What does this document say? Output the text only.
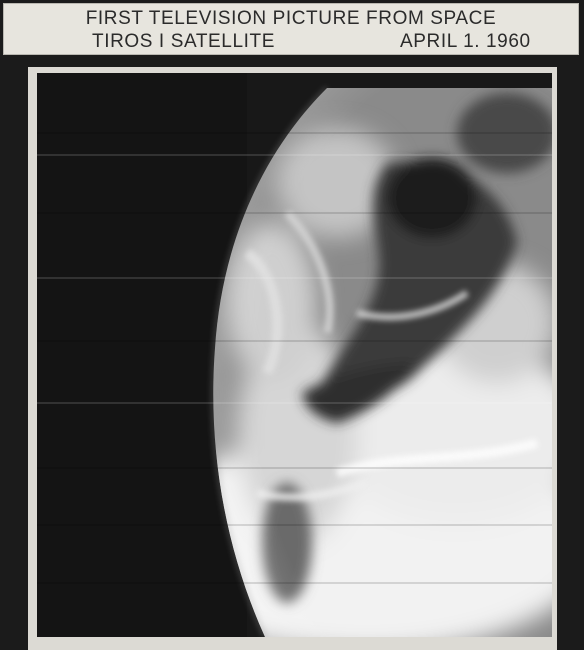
FIRST TELEVISION PICTURE FROM SPACE
TIROS I SATELLITE	APRIL 1. 1960
